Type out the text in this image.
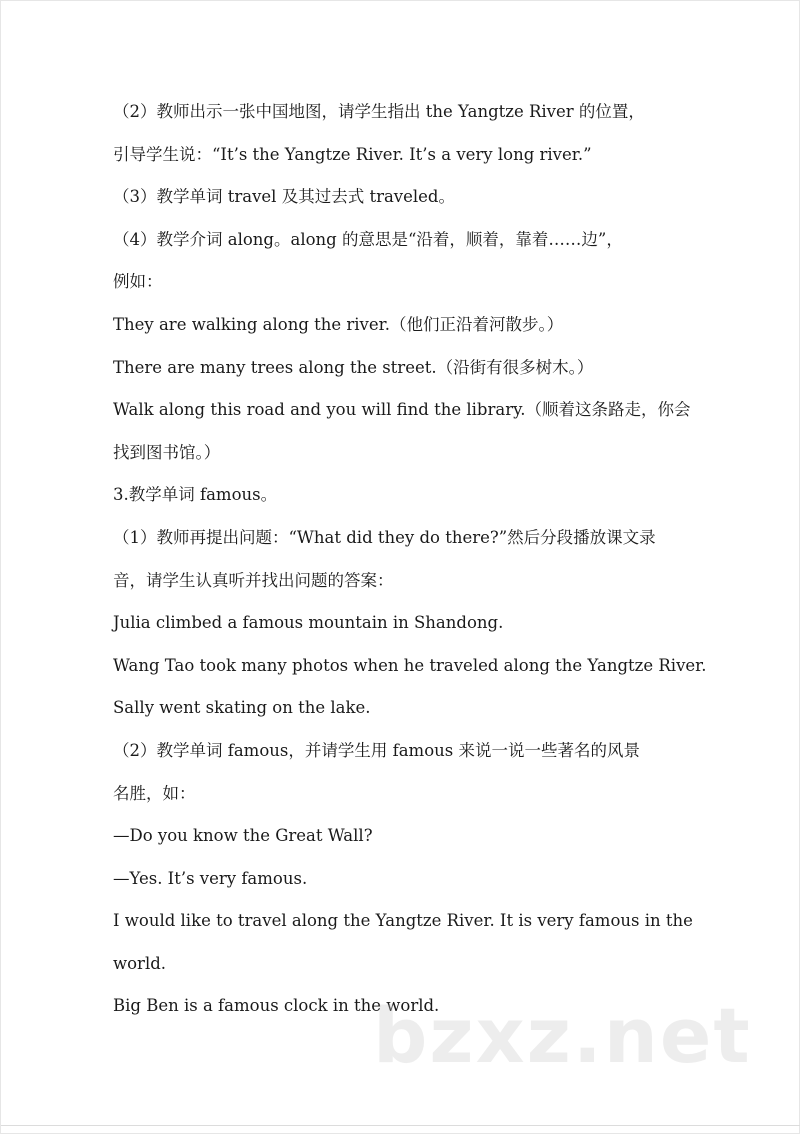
（2）教师出示一张中国地图，请学生指出 the Yangtze River 的位置，
引导学生说：“It’s the Yangtze River. It’s a very long river.”
（3）教学单词 travel 及其过去式 traveled。
（4）教学介词 along。along 的意思是“沿着，顺着，靠着……边”，
例如：
They are walking along the river.（他们正沿着河散步。）
There are many trees along the street.（沿街有很多树木。）
Walk along this road and you will find the library.（顺着这条路走，你会
找到图书馆。）
3.教学单词 famous。
（1）教师再提出问题：“What did they do there?”然后分段播放课文录
音，请学生认真听并找出问题的答案：
Julia climbed a famous mountain in Shandong.
Wang Tao took many photos when he traveled along the Yangtze River.
Sally went skating on the lake.
（2）教学单词 famous，并请学生用 famous 来说一说一些著名的风景
名胜，如：
—Do you know the Great Wall?
—Yes. It’s very famous.
I would like to travel along the Yangtze River. It is very famous in the
world.
Big Ben is a famous clock in the world.
bzxz.net
